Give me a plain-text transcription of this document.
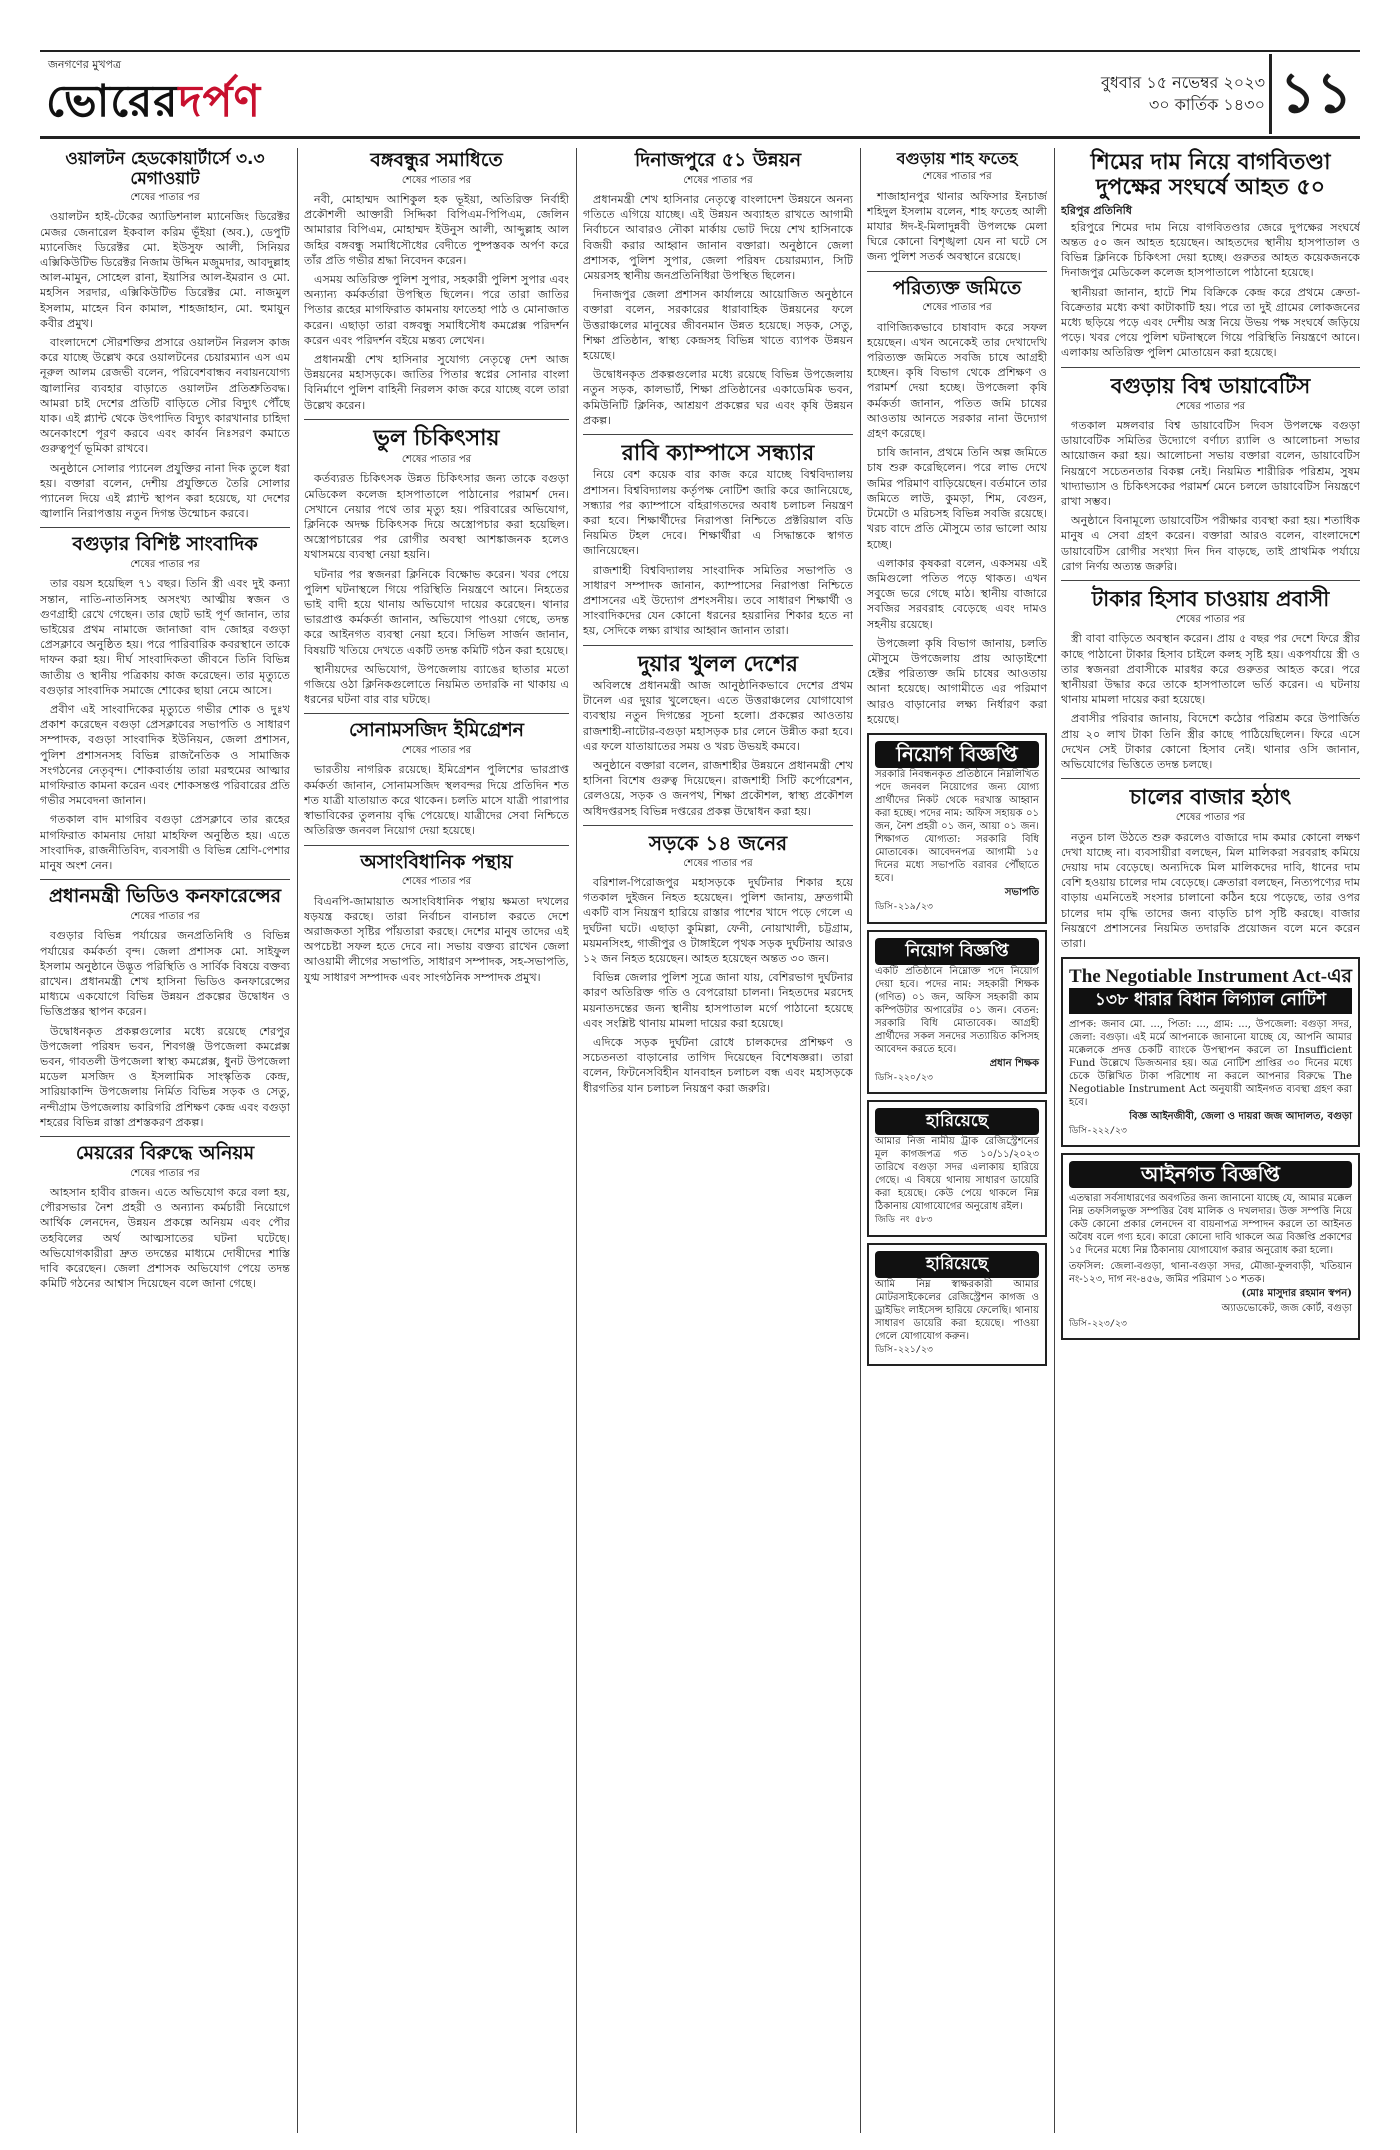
জনগণের মুখপত্র
ভোরেরদর্পণ	বুধবার ১৫ নভেম্বর ২০২৩
৩০ কার্তিক ১৪৩০ ১১
ওয়ালটন হেডকোয়ার্টার্সে ৩.৩ মেগাওয়াট
শেষের পাতার পর

ওয়ালটন হাই-টেকের অ্যাডিশনাল ম্যানেজিং ডিরেক্টর মেজর জেনারেল ইকবাল করিম ভূঁইয়া (অব.), ডেপুটি ম্যানেজিং ডিরেক্টর মো. ইউসুফ আলী, সিনিয়র এক্সিকিউটিভ ডিরেক্টর নিজাম উদ্দিন মজুমদার, আবদুল্লাহ আল-মামুন, সোহেল রানা, ইয়াসির আল-ইমরান ও মো. মহসিন সরদার, এক্সিকিউটিভ ডিরেক্টর মো. নাজমুল ইসলাম, মাহেন বিন কামাল, শাহজাহান, মো. হুমায়ুন কবীর প্রমুখ।

বাংলাদেশে সৌরশক্তির প্রসারে ওয়ালটন নিরলস কাজ করে যাচ্ছে উল্লেখ করে ওয়ালটনের চেয়ারম্যান এস এম নূরুল আলম রেজভী বলেন, পরিবেশবান্ধব নবায়নযোগ্য জ্বালানির ব্যবহার বাড়াতে ওয়ালটন প্রতিশ্রুতিবদ্ধ। আমরা চাই দেশের প্রতিটি বাড়িতে সৌর বিদ্যুৎ পৌঁছে যাক। এই প্ল্যান্ট থেকে উৎপাদিত বিদ্যুৎ কারখানার চাহিদা অনেকাংশে পূরণ করবে এবং কার্বন নিঃসরণ কমাতে গুরুত্বপূর্ণ ভূমিকা রাখবে।

অনুষ্ঠানে সোলার প্যানেল প্রযুক্তির নানা দিক তুলে ধরা হয়। বক্তারা বলেন, দেশীয় প্রযুক্তিতে তৈরি সোলার প্যানেল দিয়ে এই প্ল্যান্ট স্থাপন করা হয়েছে, যা দেশের জ্বালানি নিরাপত্তায় নতুন দিগন্ত উন্মোচন করবে।

বগুড়ার বিশিষ্ট সাংবাদিক
শেষের পাতার পর

তার বয়স হয়েছিল ৭১ বছর। তিনি স্ত্রী এবং দুই কন্যা সন্তান, নাতি-নাতনিসহ অসংখ্য আত্মীয় স্বজন ও গুণগ্রাহী রেখে গেছেন। তার ছোট ভাই পূর্ণ জানান, তার ভাইয়ের প্রথম নামাজে জানাজা বাদ জোহর বগুড়া প্রেসক্লাবে অনুষ্ঠিত হয়। পরে পারিবারিক কবরস্থানে তাকে দাফন করা হয়। দীর্ঘ সাংবাদিকতা জীবনে তিনি বিভিন্ন জাতীয় ও স্থানীয় পত্রিকায় কাজ করেছেন। তার মৃত্যুতে বগুড়ার সাংবাদিক সমাজে শোকের ছায়া নেমে আসে।

প্রবীণ এই সাংবাদিকের মৃত্যুতে গভীর শোক ও দুঃখ প্রকাশ করেছেন বগুড়া প্রেসক্লাবের সভাপতি ও সাধারণ সম্পাদক, বগুড়া সাংবাদিক ইউনিয়ন, জেলা প্রশাসন, পুলিশ প্রশাসনসহ বিভিন্ন রাজনৈতিক ও সামাজিক সংগঠনের নেতৃবৃন্দ। শোকবার্তায় তারা মরহুমের আত্মার মাগফিরাত কামনা করেন এবং শোকসন্তপ্ত পরিবারের প্রতি গভীর সমবেদনা জানান।

গতকাল বাদ মাগরিব বগুড়া প্রেসক্লাবে তার রূহের মাগফিরাত কামনায় দোয়া মাহফিল অনুষ্ঠিত হয়। এতে সাংবাদিক, রাজনীতিবিদ, ব্যবসায়ী ও বিভিন্ন শ্রেণি-পেশার মানুষ অংশ নেন।

প্রধানমন্ত্রী ভিডিও কনফারেন্সের
শেষের পাতার পর

বগুড়ার বিভিন্ন পর্যায়ের জনপ্রতিনিধি ও বিভিন্ন পর্যায়ের কর্মকর্তা বৃন্দ। জেলা প্রশাসক মো. সাইফুল ইসলাম অনুষ্ঠানে উদ্ভূত পরিস্থিতি ও সার্বিক বিষয়ে বক্তব্য রাখেন। প্রধানমন্ত্রী শেখ হাসিনা ভিডিও কনফারেন্সের মাধ্যমে একযোগে বিভিন্ন উন্নয়ন প্রকল্পের উদ্বোধন ও ভিত্তিপ্রস্তর স্থাপন করেন।

উদ্বোধনকৃত প্রকল্পগুলোর মধ্যে রয়েছে শেরপুর উপজেলা পরিষদ ভবন, শিবগঞ্জ উপজেলা কমপ্লেক্স ভবন, গাবতলী উপজেলা স্বাস্থ্য কমপ্লেক্স, ধুনট উপজেলা মডেল মসজিদ ও ইসলামিক সাংস্কৃতিক কেন্দ্র, সারিয়াকান্দি উপজেলায় নির্মিত বিভিন্ন সড়ক ও সেতু, নন্দীগ্রাম উপজেলায় কারিগরি প্রশিক্ষণ কেন্দ্র এবং বগুড়া শহরের বিভিন্ন রাস্তা প্রশস্তকরণ প্রকল্প।

মেয়রের বিরুদ্ধে অনিয়ম
শেষের পাতার পর

আহসান হাবীব রাজন। এতে অভিযোগ করে বলা হয়, পৌরসভার নৈশ প্রহরী ও অন্যান্য কর্মচারী নিয়োগে আর্থিক লেনদেন, উন্নয়ন প্রকল্পে অনিয়ম এবং পৌর তহবিলের অর্থ আত্মসাতের ঘটনা ঘটেছে। অভিযোগকারীরা দ্রুত তদন্তের মাধ্যমে দোষীদের শাস্তি দাবি করেছেন। জেলা প্রশাসক অভিযোগ পেয়ে তদন্ত কমিটি গঠনের আশ্বাস দিয়েছেন বলে জানা গেছে।

বঙ্গবন্ধুর সমাধিতে
শেষের পাতার পর

নবী, মোহাম্মদ আশিকুল হক ভূইয়া, অতিরিক্ত নির্বাহী প্রকৌশলী আক্তারী সিদ্দিকা বিপিএম-পিপিএম, জেলিন আমারার বিপিএম, মোহাম্মদ ইউনুস আলী, আব্দুল্লাহ আল জহির বঙ্গবন্ধু সমাধিসৌধের বেদীতে পুষ্পস্তবক অর্পণ করে তাঁর প্রতি গভীর শ্রদ্ধা নিবেদন করেন।

এসময় অতিরিক্ত পুলিশ সুপার, সহকারী পুলিশ সুপার এবং অন্যান্য কর্মকর্তারা উপস্থিত ছিলেন। পরে তারা জাতির পিতার রূহের মাগফিরাত কামনায় ফাতেহা পাঠ ও মোনাজাত করেন। এছাড়া তারা বঙ্গবন্ধু সমাধিসৌধ কমপ্লেক্স পরিদর্শন করেন এবং পরিদর্শন বইয়ে মন্তব্য লেখেন।

প্রধানমন্ত্রী শেখ হাসিনার সুযোগ্য নেতৃত্বে দেশ আজ উন্নয়নের মহাসড়কে। জাতির পিতার স্বপ্নের সোনার বাংলা বিনির্মাণে পুলিশ বাহিনী নিরলস কাজ করে যাচ্ছে বলে তারা উল্লেখ করেন।

ভুল চিকিৎসায়
শেষের পাতার পর

কর্তব্যরত চিকিৎসক উন্নত চিকিৎসার জন্য তাকে বগুড়া মেডিকেল কলেজ হাসপাতালে পাঠানোর পরামর্শ দেন। সেখানে নেয়ার পথে তার মৃত্যু হয়। পরিবারের অভিযোগ, ক্লিনিকে অদক্ষ চিকিৎসক দিয়ে অস্ত্রোপচার করা হয়েছিল। অস্ত্রোপচারের পর রোগীর অবস্থা আশঙ্কাজনক হলেও যথাসময়ে ব্যবস্থা নেয়া হয়নি।

ঘটনার পর স্বজনরা ক্লিনিকে বিক্ষোভ করেন। খবর পেয়ে পুলিশ ঘটনাস্থলে গিয়ে পরিস্থিতি নিয়ন্ত্রণে আনে। নিহতের ভাই বাদী হয়ে থানায় অভিযোগ দায়ের করেছেন। থানার ভারপ্রাপ্ত কর্মকর্তা জানান, অভিযোগ পাওয়া গেছে, তদন্ত করে আইনগত ব্যবস্থা নেয়া হবে। সিভিল সার্জন জানান, বিষয়টি খতিয়ে দেখতে একটি তদন্ত কমিটি গঠন করা হয়েছে।

স্থানীয়দের অভিযোগ, উপজেলায় ব্যাঙের ছাতার মতো গজিয়ে ওঠা ক্লিনিকগুলোতে নিয়মিত তদারকি না থাকায় এ ধরনের ঘটনা বার বার ঘটছে।

সোনামসজিদ ইমিগ্রেশন
শেষের পাতার পর

ভারতীয় নাগরিক রয়েছে। ইমিগ্রেশন পুলিশের ভারপ্রাপ্ত কর্মকর্তা জানান, সোনামসজিদ স্থলবন্দর দিয়ে প্রতিদিন শত শত যাত্রী যাতায়াত করে থাকেন। চলতি মাসে যাত্রী পারাপার স্বাভাবিকের তুলনায় বৃদ্ধি পেয়েছে। যাত্রীদের সেবা নিশ্চিতে অতিরিক্ত জনবল নিয়োগ দেয়া হয়েছে।

অসাংবিধানিক পন্থায়
শেষের পাতার পর

বিএনপি-জামায়াত অসাংবিধানিক পন্থায় ক্ষমতা দখলের ষড়যন্ত্র করছে। তারা নির্বাচন বানচাল করতে দেশে অরাজকতা সৃষ্টির পাঁয়তারা করছে। দেশের মানুষ তাদের এই অপচেষ্টা সফল হতে দেবে না। সভায় বক্তব্য রাখেন জেলা আওয়ামী লীগের সভাপতি, সাধারণ সম্পাদক, সহ-সভাপতি, যুগ্ম সাধারণ সম্পাদক এবং সাংগঠনিক সম্পাদক প্রমুখ।

দিনাজপুরে ৫১ উন্নয়ন
শেষের পাতার পর

প্রধানমন্ত্রী শেখ হাসিনার নেতৃত্বে বাংলাদেশ উন্নয়নে অনন্য গতিতে এগিয়ে যাচ্ছে। এই উন্নয়ন অব্যাহত রাখতে আগামী নির্বাচনে আবারও নৌকা মার্কায় ভোট দিয়ে শেখ হাসিনাকে বিজয়ী করার আহ্বান জানান বক্তারা। অনুষ্ঠানে জেলা প্রশাসক, পুলিশ সুপার, জেলা পরিষদ চেয়ারম্যান, সিটি মেয়রসহ স্থানীয় জনপ্রতিনিধিরা উপস্থিত ছিলেন।

দিনাজপুর জেলা প্রশাসন কার্যালয়ে আয়োজিত অনুষ্ঠানে বক্তারা বলেন, সরকারের ধারাবাহিক উন্নয়নের ফলে উত্তরাঞ্চলের মানুষের জীবনমান উন্নত হয়েছে। সড়ক, সেতু, শিক্ষা প্রতিষ্ঠান, স্বাস্থ্য কেন্দ্রসহ বিভিন্ন খাতে ব্যাপক উন্নয়ন হয়েছে।

উদ্বোধনকৃত প্রকল্পগুলোর মধ্যে রয়েছে বিভিন্ন উপজেলায় নতুন সড়ক, কালভার্ট, শিক্ষা প্রতিষ্ঠানের একাডেমিক ভবন, কমিউনিটি ক্লিনিক, আশ্রয়ণ প্রকল্পের ঘর এবং কৃষি উন্নয়ন প্রকল্প।

রাবি ক্যাম্পাসে সন্ধ্যার

নিয়ে বেশ কয়েক বার কাজ করে যাচ্ছে বিশ্ববিদ্যালয় প্রশাসন। বিশ্ববিদ্যালয় কর্তৃপক্ষ নোটিশ জারি করে জানিয়েছে, সন্ধ্যার পর ক্যাম্পাসে বহিরাগতদের অবাধ চলাচল নিয়ন্ত্রণ করা হবে। শিক্ষার্থীদের নিরাপত্তা নিশ্চিতে প্রক্টরিয়াল বডি নিয়মিত টহল দেবে। শিক্ষার্থীরা এ সিদ্ধান্তকে স্বাগত জানিয়েছেন।

রাজশাহী বিশ্ববিদ্যালয় সাংবাদিক সমিতির সভাপতি ও সাধারণ সম্পাদক জানান, ক্যাম্পাসের নিরাপত্তা নিশ্চিতে প্রশাসনের এই উদ্যোগ প্রশংসনীয়। তবে সাধারণ শিক্ষার্থী ও সাংবাদিকদের যেন কোনো ধরনের হয়রানির শিকার হতে না হয়, সেদিকে লক্ষ্য রাখার আহ্বান জানান তারা।

দুয়ার খুলল দেশের

অবিলম্বে প্রধানমন্ত্রী আজ আনুষ্ঠানিকভাবে দেশের প্রথম টানেল এর দুয়ার খুলেছেন। এতে উত্তরাঞ্চলের যোগাযোগ ব্যবস্থায় নতুন দিগন্তের সূচনা হলো। প্রকল্পের আওতায় রাজশাহী-নাটোর-বগুড়া মহাসড়ক চার লেনে উন্নীত করা হবে। এর ফলে যাতায়াতের সময় ও খরচ উভয়ই কমবে।

অনুষ্ঠানে বক্তারা বলেন, রাজশাহীর উন্নয়নে প্রধানমন্ত্রী শেখ হাসিনা বিশেষ গুরুত্ব দিয়েছেন। রাজশাহী সিটি কর্পোরেশন, রেলওয়ে, সড়ক ও জনপথ, শিক্ষা প্রকৌশল, স্বাস্থ্য প্রকৌশল অধিদপ্তরসহ বিভিন্ন দপ্তরের প্রকল্প উদ্বোধন করা হয়।

সড়কে ১৪ জনের
শেষের পাতার পর

বরিশাল-পিরোজপুর মহাসড়কে দুর্ঘটনার শিকার হয়ে গতকাল দুইজন নিহত হয়েছেন। পুলিশ জানায়, দ্রুতগামী একটি বাস নিয়ন্ত্রণ হারিয়ে রাস্তার পাশের খাদে পড়ে গেলে এ দুর্ঘটনা ঘটে। এছাড়া কুমিল্লা, ফেনী, নোয়াখালী, চট্টগ্রাম, ময়মনসিংহ, গাজীপুর ও টাঙ্গাইলে পৃথক সড়ক দুর্ঘটনায় আরও ১২ জন নিহত হয়েছেন। আহত হয়েছেন অন্তত ৩০ জন।

বিভিন্ন জেলার পুলিশ সূত্রে জানা যায়, বেশিরভাগ দুর্ঘটনার কারণ অতিরিক্ত গতি ও বেপরোয়া চালনা। নিহতদের মরদেহ ময়নাতদন্তের জন্য স্থানীয় হাসপাতাল মর্গে পাঠানো হয়েছে এবং সংশ্লিষ্ট থানায় মামলা দায়ের করা হয়েছে।

এদিকে সড়ক দুর্ঘটনা রোধে চালকদের প্রশিক্ষণ ও সচেতনতা বাড়ানোর তাগিদ দিয়েছেন বিশেষজ্ঞরা। তারা বলেন, ফিটনেসবিহীন যানবাহন চলাচল বন্ধ এবং মহাসড়কে ধীরগতির যান চলাচল নিয়ন্ত্রণ করা জরুরি।

বগুড়ায় শাহ ফতেহ
শেষের পাতার পর

শাজাহানপুর থানার অফিসার ইনচার্জ শহিদুল ইসলাম বলেন, শাহ ফতেহ আলী মাযার ঈদ-ই-মিলাদুন্নবী উপলক্ষে মেলা ঘিরে কোনো বিশৃঙ্খলা যেন না ঘটে সে জন্য পুলিশ সতর্ক অবস্থানে রয়েছে।

পরিত্যক্ত জমিতে
শেষের পাতার পর

বাণিজ্যিকভাবে চাষাবাদ করে সফল হয়েছেন। এখন অনেকেই তার দেখাদেখি পরিত্যক্ত জমিতে সবজি চাষে আগ্রহী হচ্ছেন। কৃষি বিভাগ থেকে প্রশিক্ষণ ও পরামর্শ দেয়া হচ্ছে। উপজেলা কৃষি কর্মকর্তা জানান, পতিত জমি চাষের আওতায় আনতে সরকার নানা উদ্যোগ গ্রহণ করেছে।

চাষি জানান, প্রথমে তিনি অল্প জমিতে চাষ শুরু করেছিলেন। পরে লাভ দেখে জমির পরিমাণ বাড়িয়েছেন। বর্তমানে তার জমিতে লাউ, কুমড়া, শিম, বেগুন, টমেটো ও মরিচসহ বিভিন্ন সবজি রয়েছে। খরচ বাদে প্রতি মৌসুমে তার ভালো আয় হচ্ছে।

এলাকার কৃষকরা বলেন, একসময় এই জমিগুলো পতিত পড়ে থাকত। এখন সবুজে ভরে গেছে মাঠ। স্থানীয় বাজারে সবজির সরবরাহ বেড়েছে এবং দামও সহনীয় রয়েছে।

উপজেলা কৃষি বিভাগ জানায়, চলতি মৌসুমে উপজেলায় প্রায় আড়াইশো হেক্টর পরিত্যক্ত জমি চাষের আওতায় আনা হয়েছে। আগামীতে এর পরিমাণ আরও বাড়ানোর লক্ষ্য নির্ধারণ করা হয়েছে।

নিয়োগ বিজ্ঞপ্তি
সরকারি নিবন্ধনকৃত প্রতিষ্ঠানে নিম্নলিখিত পদে জনবল নিয়োগের জন্য যোগ্য প্রার্থীদের নিকট থেকে দরখাস্ত আহ্বান করা হচ্ছে। পদের নাম: অফিস সহায়ক ০১ জন, নৈশ প্রহরী ০১ জন, আয়া ০১ জন। শিক্ষাগত যোগ্যতা: সরকারি বিধি মোতাবেক। আবেদনপত্র আগামী ১৫ দিনের মধ্যে সভাপতি বরাবর পৌঁছাতে হবে।
সভাপতি
ডিসি-২১৯/২৩
নিয়োগ বিজ্ঞপ্তি
একটি প্রতিষ্ঠানে নিম্নোক্ত পদে নিয়োগ দেয়া হবে। পদের নাম: সহকারী শিক্ষক (গণিত) ০১ জন, অফিস সহকারী কাম কম্পিউটার অপারেটর ০১ জন। বেতন: সরকারি বিধি মোতাবেক। আগ্রহী প্রার্থীদের সকল সনদের সত্যায়িত কপিসহ আবেদন করতে হবে।
প্রধান শিক্ষক
ডিসি-২২০/২৩
হারিয়েছে
আমার নিজ নামীয় ট্রাক রেজিস্ট্রেশনের মূল কাগজপত্র গত ১০/১১/২০২৩ তারিখে বগুড়া সদর এলাকায় হারিয়ে গেছে। এ বিষয়ে থানায় সাধারণ ডায়েরি করা হয়েছে। কেউ পেয়ে থাকলে নিম্ন ঠিকানায় যোগাযোগের অনুরোধ রইল।
জিডি নং ৫৮৩
হারিয়েছে
আমি নিম্ন স্বাক্ষরকারী আমার মোটরসাইকেলের রেজিস্ট্রেশন কাগজ ও ড্রাইভিং লাইসেন্স হারিয়ে ফেলেছি। থানায় সাধারণ ডায়েরি করা হয়েছে। পাওয়া গেলে যোগাযোগ করুন।
ডিসি-২২১/২৩
শিমের দাম নিয়ে বাগবিতণ্ডা দুপক্ষের সংঘর্ষে আহত ৫০
হরিপুর প্রতিনিধি

হরিপুরে শিমের দাম নিয়ে বাগবিতণ্ডার জেরে দুপক্ষের সংঘর্ষে অন্তত ৫০ জন আহত হয়েছেন। আহতদের স্থানীয় হাসপাতাল ও বিভিন্ন ক্লিনিকে চিকিৎসা দেয়া হচ্ছে। গুরুতর আহত কয়েকজনকে দিনাজপুর মেডিকেল কলেজ হাসপাতালে পাঠানো হয়েছে।

স্থানীয়রা জানান, হাটে শিম বিক্রিকে কেন্দ্র করে প্রথমে ক্রেতা-বিক্রেতার মধ্যে কথা কাটাকাটি হয়। পরে তা দুই গ্রামের লোকজনের মধ্যে ছড়িয়ে পড়ে এবং দেশীয় অস্ত্র নিয়ে উভয় পক্ষ সংঘর্ষে জড়িয়ে পড়ে। খবর পেয়ে পুলিশ ঘটনাস্থলে গিয়ে পরিস্থিতি নিয়ন্ত্রণে আনে। এলাকায় অতিরিক্ত পুলিশ মোতায়েন করা হয়েছে।

বগুড়ায় বিশ্ব ডায়াবেটিস
শেষের পাতার পর

গতকাল মঙ্গলবার বিশ্ব ডায়াবেটিস দিবস উপলক্ষে বগুড়া ডায়াবেটিক সমিতির উদ্যোগে বর্ণাঢ্য র‍্যালি ও আলোচনা সভার আয়োজন করা হয়। আলোচনা সভায় বক্তারা বলেন, ডায়াবেটিস নিয়ন্ত্রণে সচেতনতার বিকল্প নেই। নিয়মিত শারীরিক পরিশ্রম, সুষম খাদ্যাভ্যাস ও চিকিৎসকের পরামর্শ মেনে চললে ডায়াবেটিস নিয়ন্ত্রণে রাখা সম্ভব।

অনুষ্ঠানে বিনামূল্যে ডায়াবেটিস পরীক্ষার ব্যবস্থা করা হয়। শতাধিক মানুষ এ সেবা গ্রহণ করেন। বক্তারা আরও বলেন, বাংলাদেশে ডায়াবেটিস রোগীর সংখ্যা দিন দিন বাড়ছে, তাই প্রাথমিক পর্যায়ে রোগ নির্ণয় অত্যন্ত জরুরি।

টাকার হিসাব চাওয়ায় প্রবাসী
শেষের পাতার পর

স্ত্রী বাবা বাড়িতে অবস্থান করেন। প্রায় ৫ বছর পর দেশে ফিরে স্ত্রীর কাছে পাঠানো টাকার হিসাব চাইলে কলহ সৃষ্টি হয়। একপর্যায়ে স্ত্রী ও তার স্বজনরা প্রবাসীকে মারধর করে গুরুতর আহত করে। পরে স্থানীয়রা উদ্ধার করে তাকে হাসপাতালে ভর্তি করেন। এ ঘটনায় থানায় মামলা দায়ের করা হয়েছে।

প্রবাসীর পরিবার জানায়, বিদেশে কঠোর পরিশ্রম করে উপার্জিত প্রায় ২০ লাখ টাকা তিনি স্ত্রীর কাছে পাঠিয়েছিলেন। ফিরে এসে দেখেন সেই টাকার কোনো হিসাব নেই। থানার ওসি জানান, অভিযোগের ভিত্তিতে তদন্ত চলছে।

চালের বাজার হঠাৎ
শেষের পাতার পর

নতুন চাল উঠতে শুরু করলেও বাজারে দাম কমার কোনো লক্ষণ দেখা যাচ্ছে না। ব্যবসায়ীরা বলছেন, মিল মালিকরা সরবরাহ কমিয়ে দেয়ায় দাম বেড়েছে। অন্যদিকে মিল মালিকদের দাবি, ধানের দাম বেশি হওয়ায় চালের দাম বেড়েছে। ক্রেতারা বলছেন, নিত্যপণ্যের দাম বাড়ায় এমনিতেই সংসার চালানো কঠিন হয়ে পড়েছে, তার ওপর চালের দাম বৃদ্ধি তাদের জন্য বাড়তি চাপ সৃষ্টি করছে। বাজার নিয়ন্ত্রণে প্রশাসনের নিয়মিত তদারকি প্রয়োজন বলে মনে করেন তারা।

The Negotiable Instrument Act-এর
১৩৮ ধারার বিধান লিগ্যাল নোটিশ
প্রাপক: জনাব মো. ..., পিতা: ..., গ্রাম: ..., উপজেলা: বগুড়া সদর, জেলা: বগুড়া। এই মর্মে আপনাকে জানানো যাচ্ছে যে, আপনি আমার মক্কেলকে প্রদত্ত চেকটি ব্যাংকে উপস্থাপন করলে তা Insufficient Fund উল্লেখে ডিজঅনার হয়। অত্র নোটিশ প্রাপ্তির ৩০ দিনের মধ্যে চেকে উল্লিখিত টাকা পরিশোধ না করলে আপনার বিরুদ্ধে The Negotiable Instrument Act অনুযায়ী আইনগত ব্যবস্থা গ্রহণ করা হবে।
বিজ্ঞ আইনজীবী, জেলা ও দায়রা জজ আদালত, বগুড়া
ডিসি-২২২/২৩
আইনগত বিজ্ঞপ্তি
এতদ্বারা সর্বসাধারণের অবগতির জন্য জানানো যাচ্ছে যে, আমার মক্কেল নিম্ন তফসিলভুক্ত সম্পত্তির বৈধ মালিক ও দখলদার। উক্ত সম্পত্তি নিয়ে কেউ কোনো প্রকার লেনদেন বা বায়নাপত্র সম্পাদন করলে তা আইনত অবৈধ বলে গণ্য হবে। কারো কোনো দাবি থাকলে অত্র বিজ্ঞপ্তি প্রকাশের ১৫ দিনের মধ্যে নিম্ন ঠিকানায় যোগাযোগ করার অনুরোধ করা হলো।
তফসিল: জেলা-বগুড়া, থানা-বগুড়া সদর, মৌজা-ফুলবাড়ী, খতিয়ান নং-১২৩, দাগ নং-৪৫৬, জমির পরিমাণ ১০ শতক।
(মোঃ মাসুদার রহমান স্বপন)
অ্যাডভোকেট, জজ কোর্ট, বগুড়া
ডিসি-২২৩/২৩
